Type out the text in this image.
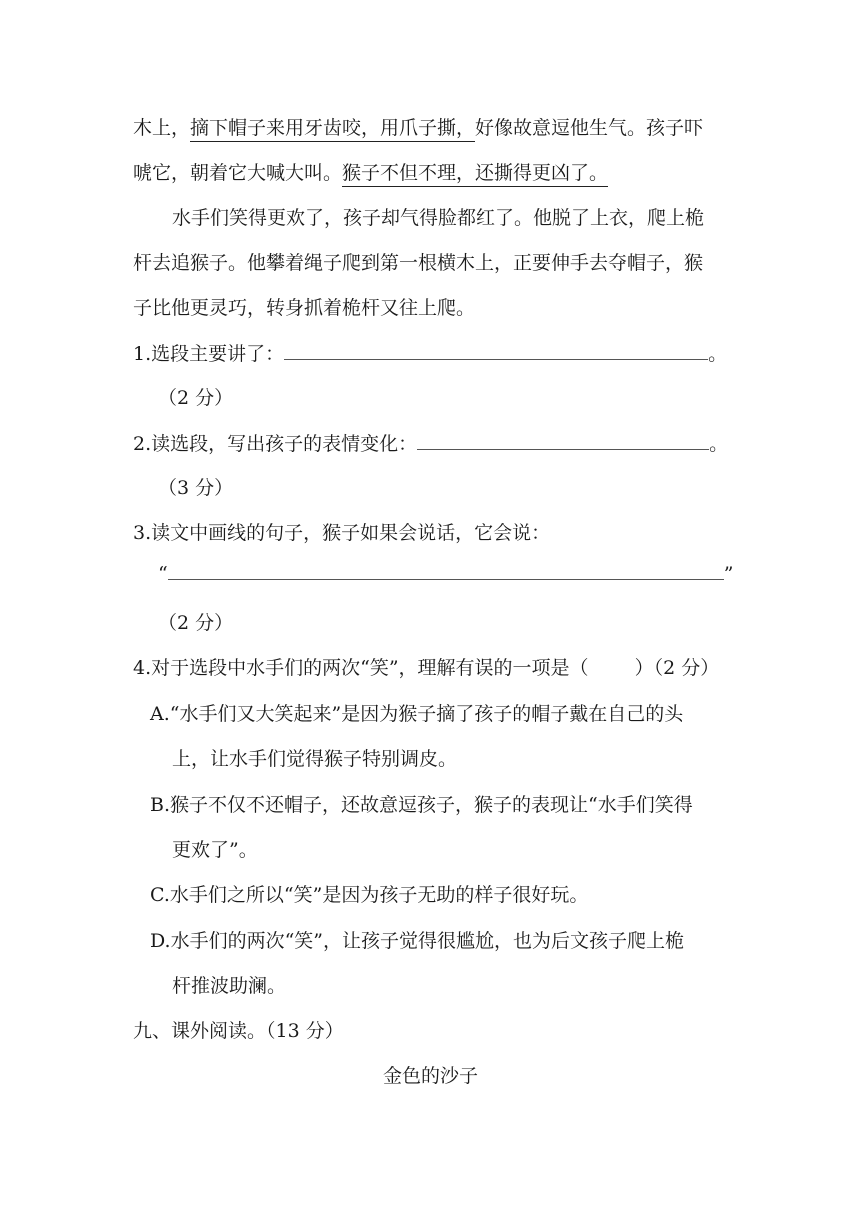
木上，摘下帽子来用牙齿咬，用爪子撕，好像故意逗他生气。孩子吓
唬它，朝着它大喊大叫。猴子不但不理，还撕得更凶了。
水手们笑得更欢了，孩子却气得脸都红了。他脱了上衣，爬上桅
杆去追猴子。他攀着绳子爬到第一根横木上，正要伸手去夺帽子，猴
子比他更灵巧，转身抓着桅杆又往上爬。
1.选段主要讲了：	。
（2 分）
2.读选段，写出孩子的表情变化：	。
（3 分）
3.读文中画线的句子，猴子如果会说话，它会说：
“	”
（2 分）
4.对于选段中水手们的两次“笑”，理解有误的一项是（ ）（2 分）
A.“水手们又大笑起来”是因为猴子摘了孩子的帽子戴在自己的头
上，让水手们觉得猴子特别调皮。
B.猴子不仅不还帽子，还故意逗孩子，猴子的表现让“水手们笑得
更欢了”。
C.水手们之所以“笑”是因为孩子无助的样子很好玩。
D.水手们的两次“笑”，让孩子觉得很尴尬，也为后文孩子爬上桅
杆推波助澜。
九、课外阅读。（13 分）
金色的沙子
